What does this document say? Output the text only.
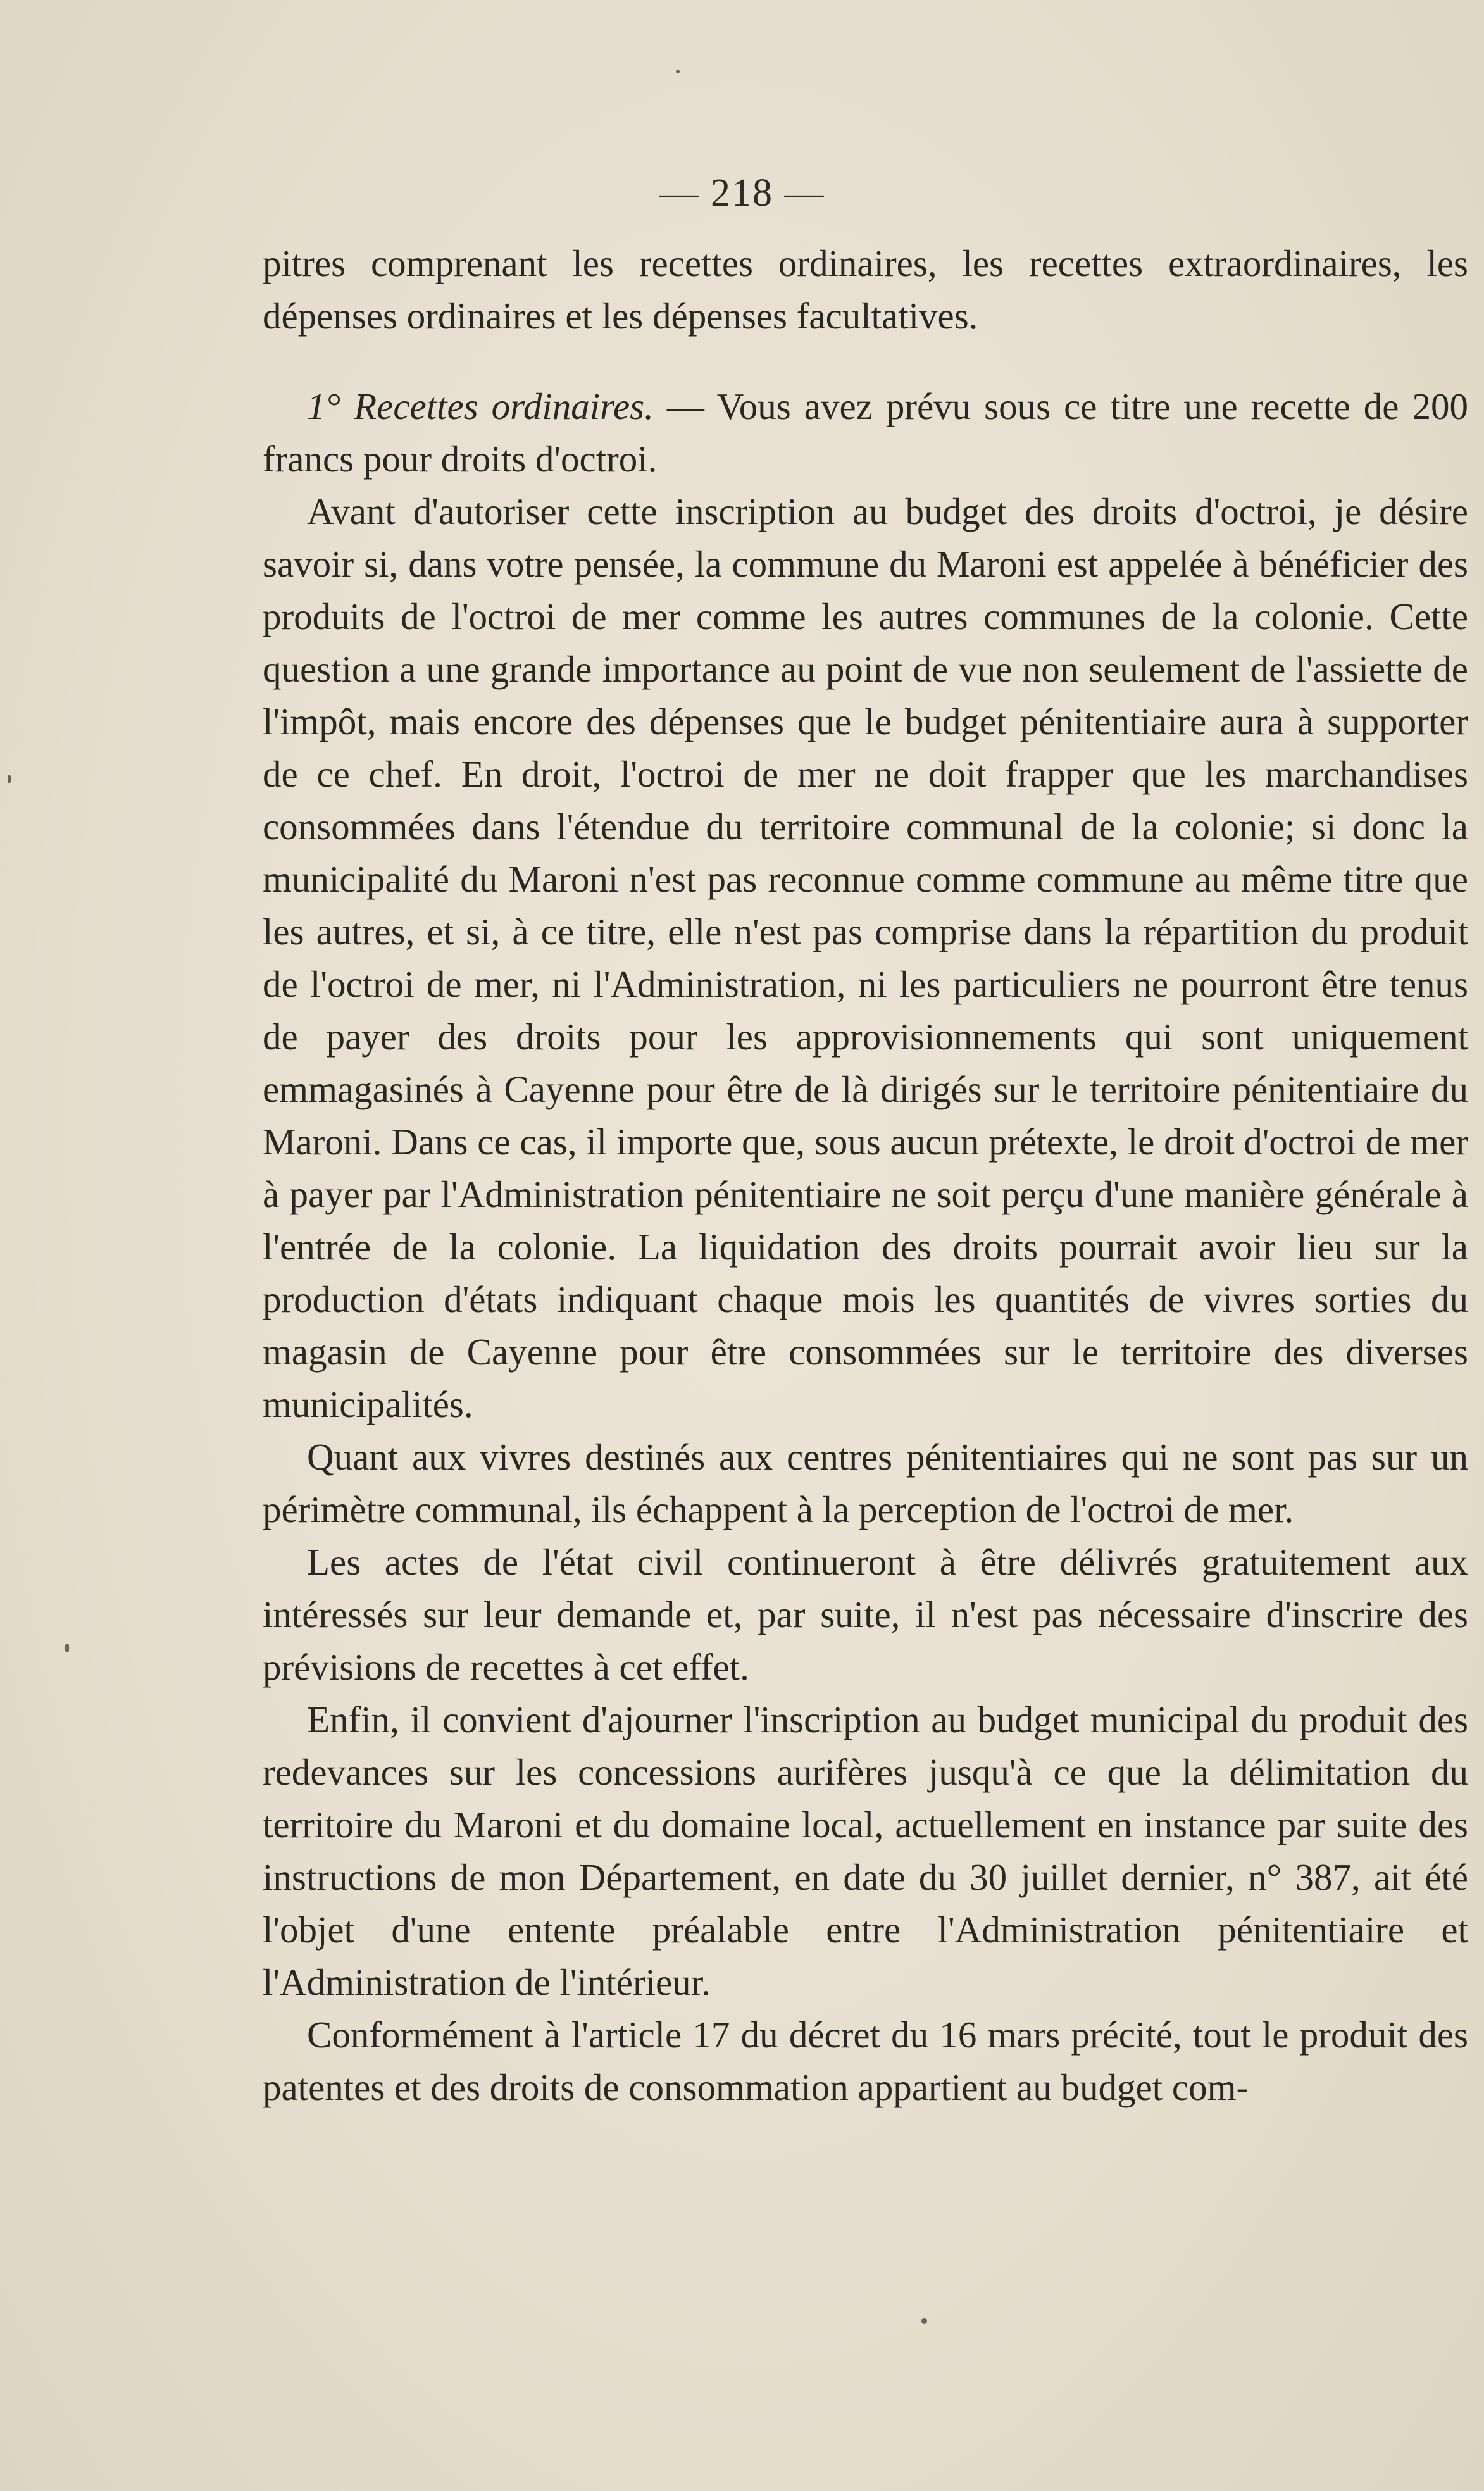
— 218 —

pitres comprenant les recettes ordinaires, les recettes extraordinaires, les dépenses ordinaires et les dépenses facultatives.

1° Recettes ordinaires. — Vous avez prévu sous ce titre une recette de 200 francs pour droits d'octroi.

Avant d'autoriser cette inscription au budget des droits d'octroi, je désire savoir si, dans votre pensée, la commune du Maroni est appelée à bénéficier des produits de l'octroi de mer comme les autres communes de la colonie. Cette question a une grande importance au point de vue non seulement de l'assiette de l'impôt, mais encore des dépenses que le budget pénitentiaire aura à supporter de ce chef. En droit, l'octroi de mer ne doit frapper que les marchandises consommées dans l'étendue du territoire communal de la colonie; si donc la municipalité du Maroni n'est pas reconnue comme commune au même titre que les autres, et si, à ce titre, elle n'est pas comprise dans la répartition du produit de l'octroi de mer, ni l'Administration, ni les particuliers ne pourront être tenus de payer des droits pour les approvisionnements qui sont uniquement emmagasinés à Cayenne pour être de là dirigés sur le territoire pénitentiaire du Maroni. Dans ce cas, il importe que, sous aucun prétexte, le droit d'octroi de mer à payer par l'Administration pénitentiaire ne soit perçu d'une manière générale à l'entrée de la colonie. La liquidation des droits pourrait avoir lieu sur la production d'états indiquant chaque mois les quantités de vivres sorties du magasin de Cayenne pour être consommées sur le territoire des diverses municipalités.

Quant aux vivres destinés aux centres pénitentiaires qui ne sont pas sur un périmètre communal, ils échappent à la perception de l'octroi de mer.

Les actes de l'état civil continueront à être délivrés gratuitement aux intéressés sur leur demande et, par suite, il n'est pas nécessaire d'inscrire des prévisions de recettes à cet effet.

Enfin, il convient d'ajourner l'inscription au budget municipal du produit des redevances sur les concessions aurifères jusqu'à ce que la délimitation du territoire du Maroni et du domaine local, actuellement en instance par suite des instructions de mon Département, en date du 30 juillet dernier, n° 387, ait été l'objet d'une entente préalable entre l'Administration pénitentiaire et l'Administration de l'intérieur.

Conformément à l'article 17 du décret du 16 mars précité, tout le produit des patentes et des droits de consommation appartient au budget com-
